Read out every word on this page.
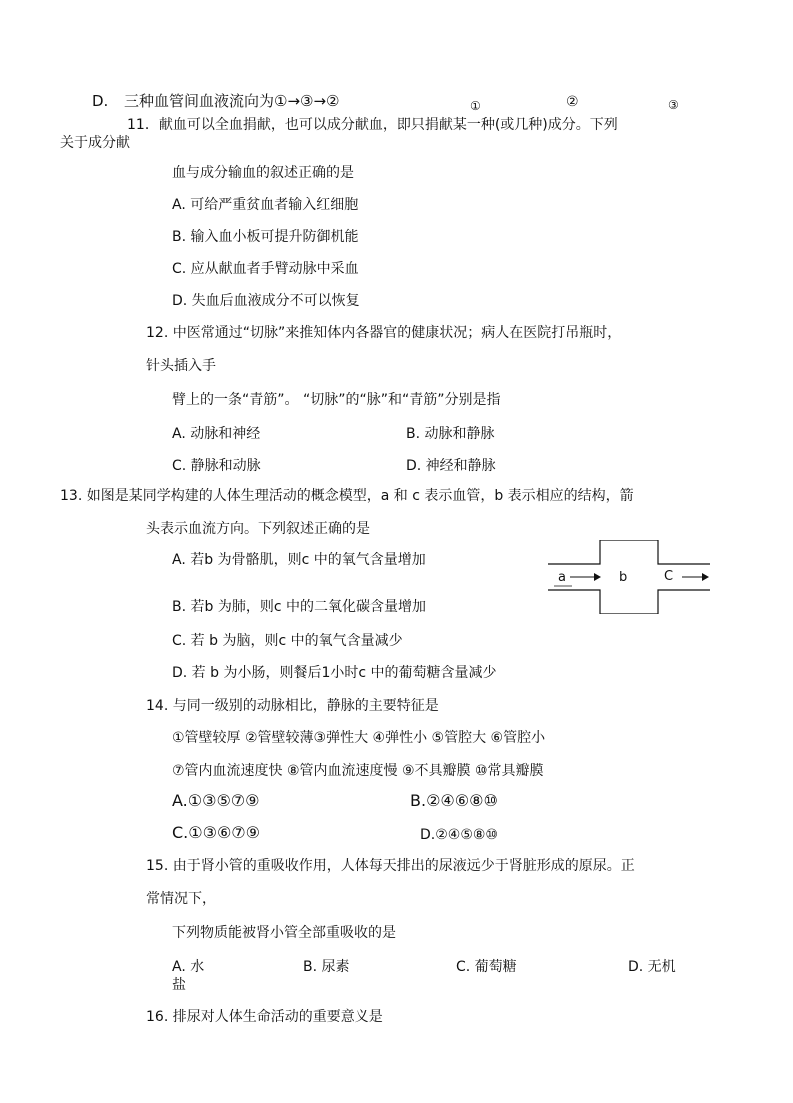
D. 三种血管间血液流向为①→③→②	①	②	③
11．献血可以全血捐献，也可以成分献血，即只捐献某一种(或几种)成分。下列
关于成分献
血与成分输血的叙述正确的是
A. 可给严重贫血者输入红细胞
B. 输入血小板可提升防御机能
C. 应从献血者手臂动脉中采血
D. 失血后血液成分不可以恢复
12. 中医常通过“切脉”来推知体内各器官的健康状况；病人在医院打吊瓶时，
针头插入手
臂上的一条“青筋”。 “切脉”的“脉”和“青筋”分别是指
A. 动脉和神经	B. 动脉和静脉
C. 静脉和动脉	D. 神经和静脉
13. 如图是某同学构建的人体生理活动的概念模型，a 和 c 表示血管，b 表示相应的结构，箭
头表示血流方向。下列叙述正确的是
A. 若b 为骨骼肌，则c 中的氧气含量增加
B. 若b 为肺，则c 中的二氧化碳含量增加
C. 若 b 为脑，则c 中的氧气含量减少
D. 若 b 为小肠，则餐后1小时c 中的葡萄糖含量减少
a	b	C
14. 与同一级别的动脉相比，静脉的主要特征是
①管壁较厚 ②管壁较薄③弹性大 ④弹性小 ⑤管腔大 ⑥管腔小
⑦管内血流速度快 ⑧管内血流速度慢 ⑨不具瓣膜 ⑩常具瓣膜
A.①③⑤⑦⑨	B.②④⑥⑧⑩
C.①③⑥⑦⑨	D.②④⑤⑧⑩
15. 由于肾小管的重吸收作用，人体每天排出的尿液远少于肾脏形成的原尿。正
常情况下，
下列物质能被肾小管全部重吸收的是
A. 水	B. 尿素	C. 葡萄糖	D. 无机
盐
16. 排尿对人体生命活动的重要意义是
